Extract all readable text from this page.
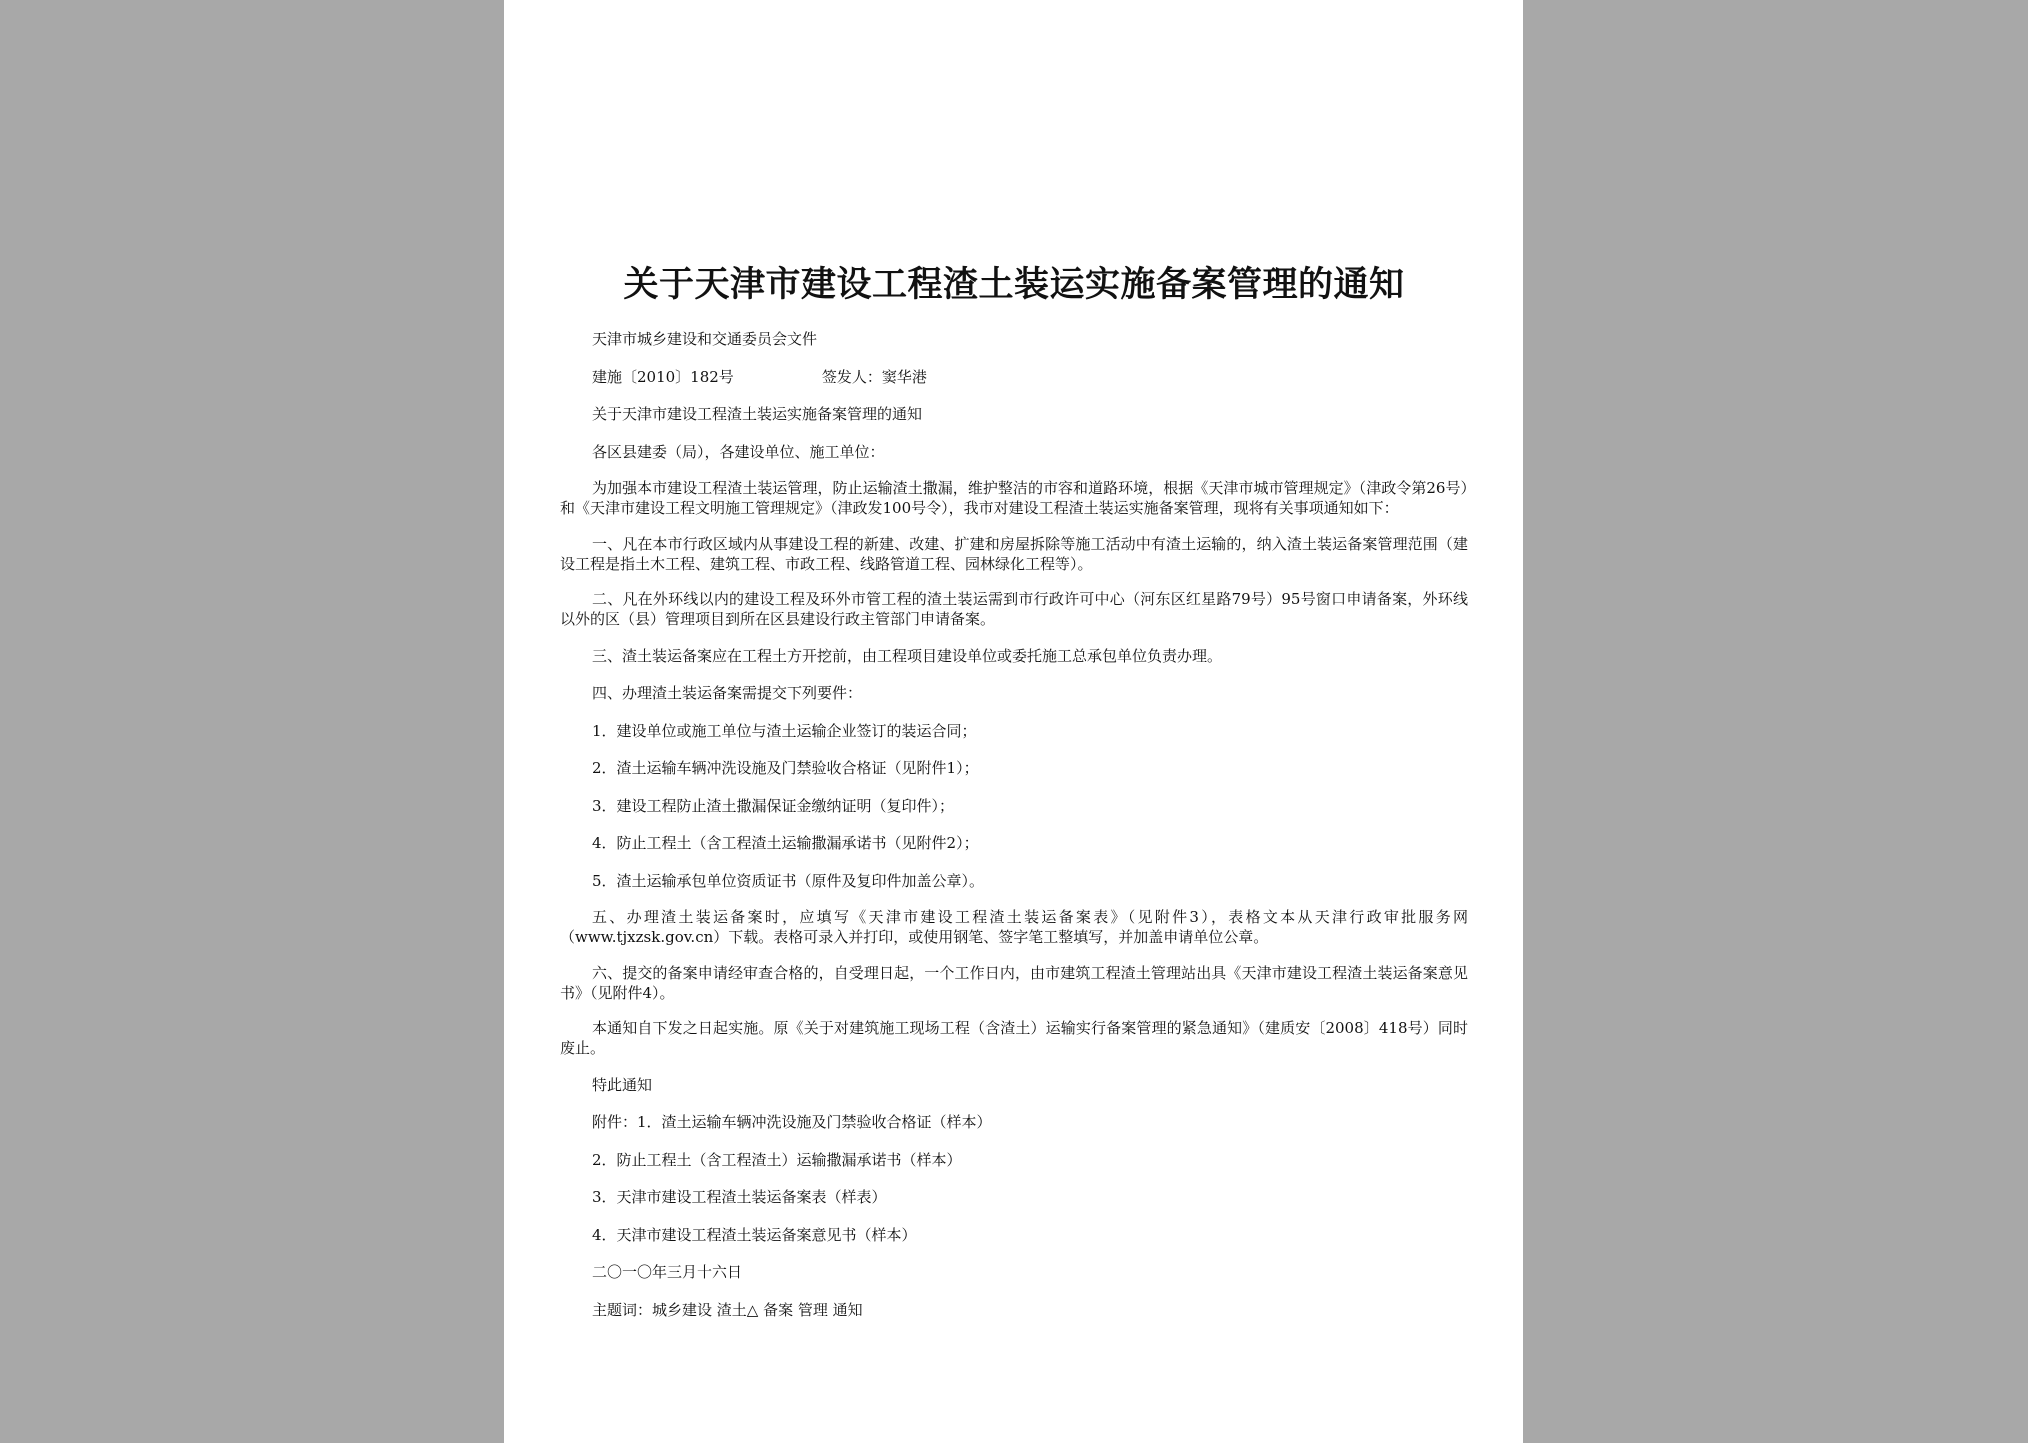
关于天津市建设工程渣土装运实施备案管理的通知
天津市城乡建设和交通委员会文件
建施〔2010〕182号	签发人：窦华港
关于天津市建设工程渣土装运实施备案管理的通知
各区县建委（局），各建设单位、施工单位：
为加强本市建设工程渣土装运管理，防止运输渣土撒漏，维护整洁的市容和道路环境，根据《天津市城市管理规定》（津政令第26号）和《天津市建设工程文明施工管理规定》（津政发100号令），我市对建设工程渣土装运实施备案管理，现将有关事项通知如下：
一、凡在本市行政区域内从事建设工程的新建、改建、扩建和房屋拆除等施工活动中有渣土运输的，纳入渣土装运备案管理范围（建设工程是指土木工程、建筑工程、市政工程、线路管道工程、园林绿化工程等）。
二、凡在外环线以内的建设工程及环外市管工程的渣土装运需到市行政许可中心（河东区红星路79号）95号窗口申请备案，外环线以外的区（县）管理项目到所在区县建设行政主管部门申请备案。
三、渣土装运备案应在工程土方开挖前，由工程项目建设单位或委托施工总承包单位负责办理。
四、办理渣土装运备案需提交下列要件：
1．建设单位或施工单位与渣土运输企业签订的装运合同；
2．渣土运输车辆冲洗设施及门禁验收合格证（见附件1）；
3．建设工程防止渣土撒漏保证金缴纳证明（复印件）；
4．防止工程土（含工程渣土运输撒漏承诺书（见附件2）；
5．渣土运输承包单位资质证书（原件及复印件加盖公章）。
五、办理渣土装运备案时，应填写《天津市建设工程渣土装运备案表》（见附件3），表格文本从天津行政审批服务网（www.tjxzsk.gov.cn）下载。表格可录入并打印，或使用钢笔、签字笔工整填写，并加盖申请单位公章。
六、提交的备案申请经审查合格的，自受理日起，一个工作日内，由市建筑工程渣土管理站出具《天津市建设工程渣土装运备案意见书》（见附件4）。
本通知自下发之日起实施。原《关于对建筑施工现场工程（含渣土）运输实行备案管理的紧急通知》（建质安〔2008〕418号）同时废止。
特此通知
附件：1．渣土运输车辆冲洗设施及门禁验收合格证（样本）
2．防止工程土（含工程渣土）运输撒漏承诺书（样本）
3．天津市建设工程渣土装运备案表（样表）
4．天津市建设工程渣土装运备案意见书（样本）
二〇一〇年三月十六日
主题词：城乡建设 渣土△ 备案 管理 通知
